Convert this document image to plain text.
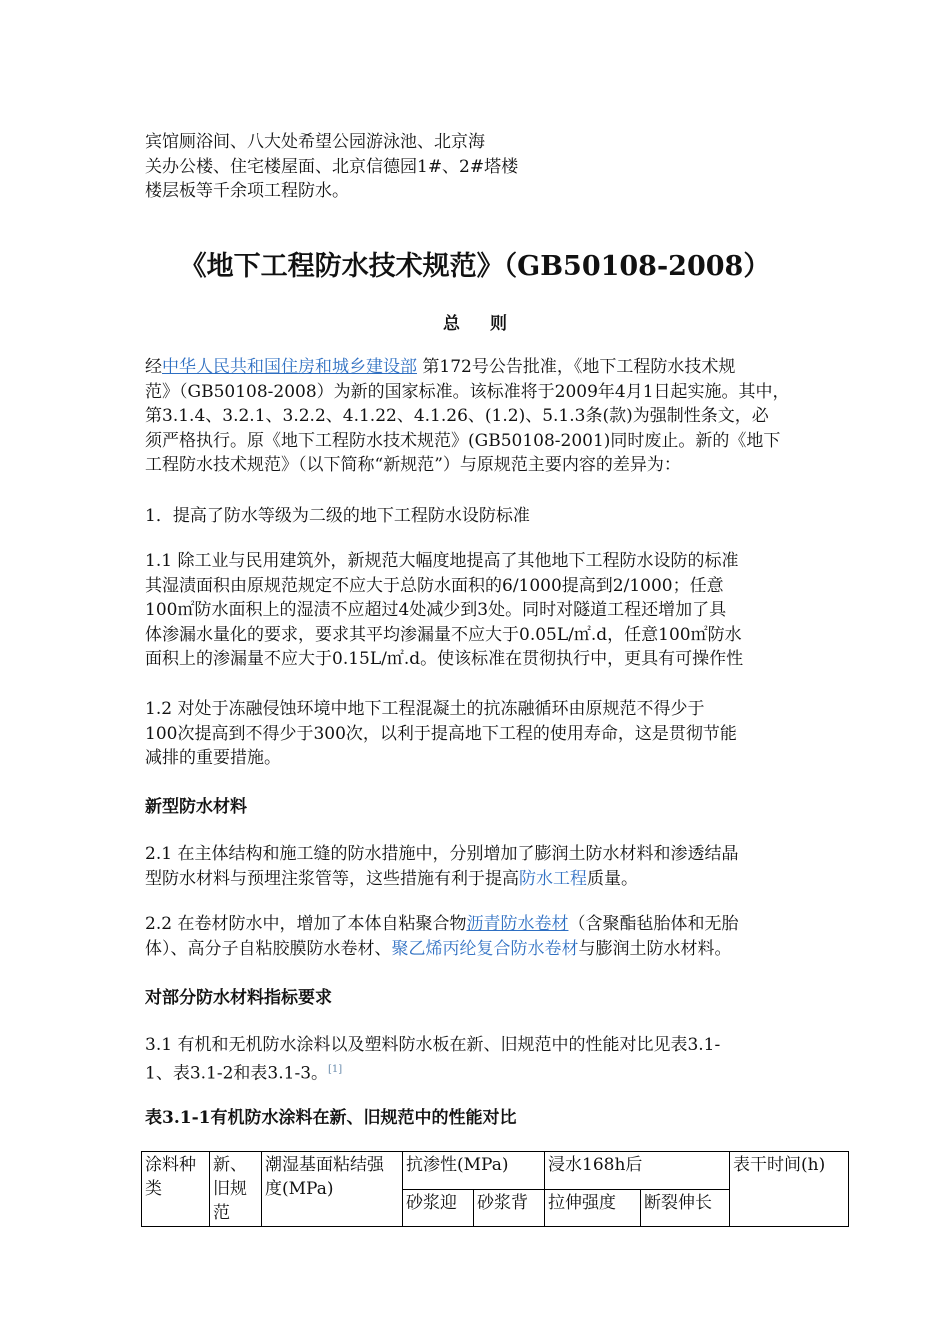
宾馆厕浴间、八大处希望公园游泳池、北京海
关办公楼、住宅楼屋面、北京信德园1#、2#塔楼
楼层板等千余项工程防水。
《地下工程防水技术规范》（GB50108-2008）
总 则
经中华人民共和国住房和城乡建设部 第172号公告批准，《地下工程防水技术规
范》（GB50108-2008）为新的国家标准。该标准将于2009年4月1日起实施。其中，
第3.1.4、3.2.1、3.2.2、4.1.22、4.1.26、(1.2)、5.1.3条(款)为强制性条文，必
须严格执行。原《地下工程防水技术规范》(GB50108-2001)同时废止。新的《地下
工程防水技术规范》（以下简称“新规范”）与原规范主要内容的差异为：
1．提高了防水等级为二级的地下工程防水设防标准
1.1 除工业与民用建筑外，新规范大幅度地提高了其他地下工程防水设防的标准
其湿渍面积由原规范规定不应大于总防水面积的6/1000提高到2/1000；任意
100㎡防水面积上的湿渍不应超过4处减少到3处。同时对隧道工程还增加了具
体渗漏水量化的要求，要求其平均渗漏量不应大于0.05L/㎡.d，任意100㎡防水
面积上的渗漏量不应大于0.15L/㎡.d。使该标准在贯彻执行中，更具有可操作性
1.2 对处于冻融侵蚀环境中地下工程混凝土的抗冻融循环由原规范不得少于
100次提高到不得少于300次，以利于提高地下工程的使用寿命，这是贯彻节能
减排的重要措施。
新型防水材料
2.1 在主体结构和施工缝的防水措施中，分别增加了膨润土防水材料和渗透结晶
型防水材料与预埋注浆管等，这些措施有利于提高防水工程质量。
2.2 在卷材防水中，增加了本体自粘聚合物沥青防水卷材（含聚酯毡胎体和无胎
体）、高分子自粘胶膜防水卷材、聚乙烯丙纶复合防水卷材与膨润土防水材料。
对部分防水材料指标要求
3.1 有机和无机防水涂料以及塑料防水板在新、旧规范中的性能对比见表3.1-
1、表3.1-2和表3.1-3。[1]
表3.1-1有机防水涂料在新、旧规范中的性能对比
涂料种类	新、旧规范	潮湿基面粘结强度(MPa)	抗渗性(MPa)		浸水168h后		表干时间(h)
			砂浆迎	砂浆背	拉伸强度	断裂伸长	
